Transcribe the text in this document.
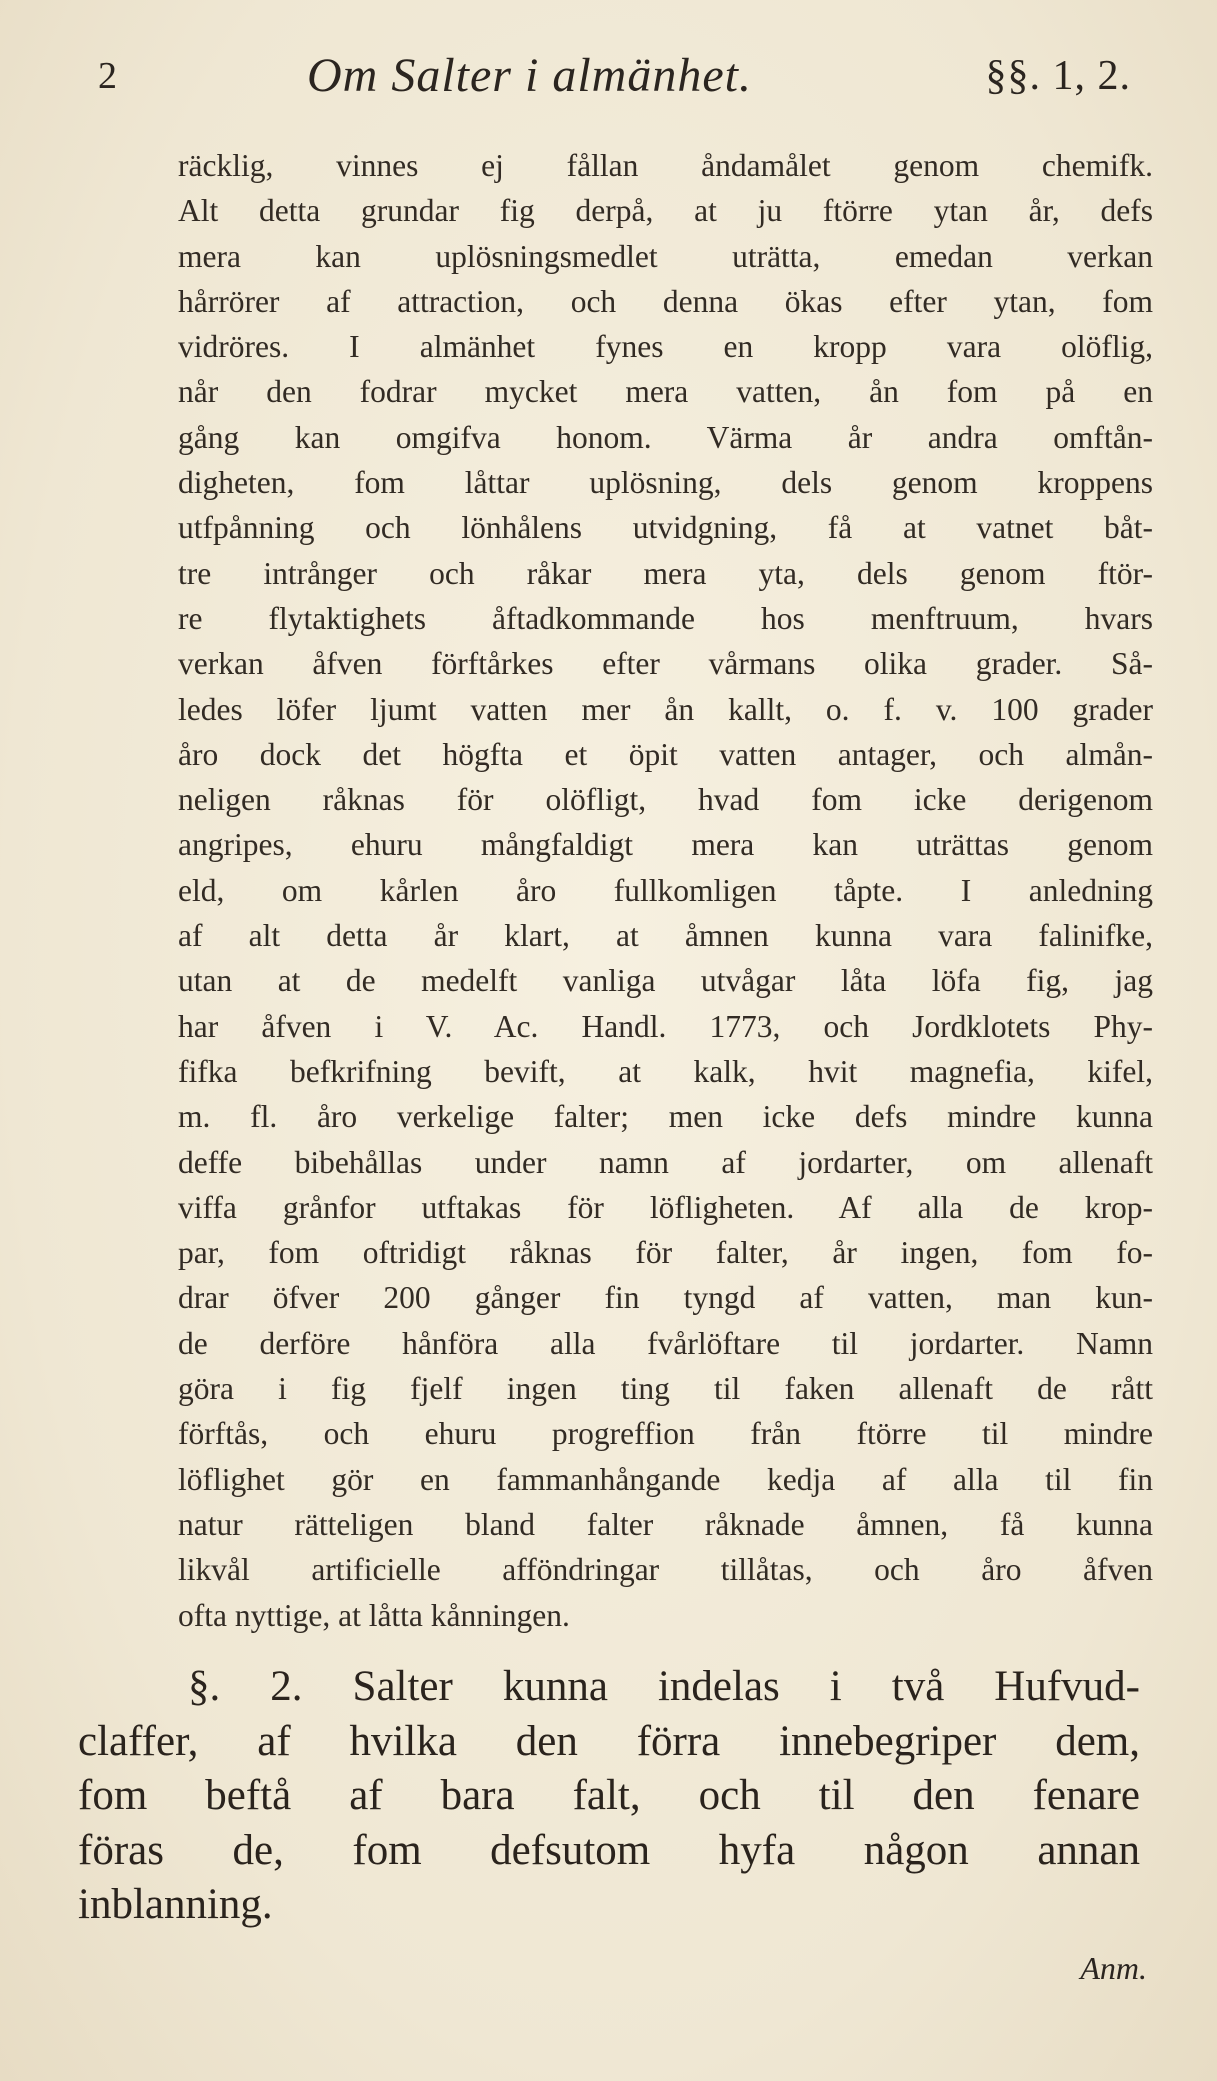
2	Om Salter i almänhet.	§§. 1, 2.
räcklig, vinnes ej fållan åndamålet genom chemifk.
Alt detta grundar fig derpå, at ju ftörre ytan år, defs
mera kan uplösningsmedlet uträtta, emedan verkan
hårrörer af attraction, och denna ökas efter ytan, fom
vidröres. I almänhet fynes en kropp vara olöflig,
når den fodrar mycket mera vatten, ån fom på en
gång kan omgifva honom. Värma år andra omftån-
digheten, fom låttar uplösning, dels genom kroppens
utfpånning och lönhålens utvidgning, få at vatnet båt-
tre intrånger och råkar mera yta, dels genom ftör-
re flytaktighets åftadkommande hos menftruum, hvars
verkan åfven förftårkes efter vårmans olika grader. Så-
ledes löfer ljumt vatten mer ån kallt, o. f. v. 100 grader
åro dock det högfta et öpit vatten antager, och almån-
neligen råknas för olöfligt, hvad fom icke derigenom
angripes, ehuru mångfaldigt mera kan uträttas genom
eld, om kårlen åro fullkomligen tåpte. I anledning
af alt detta år klart, at åmnen kunna vara falinifke,
utan at de medelft vanliga utvågar låta löfa fig, jag
har åfven i V. Ac. Handl. 1773, och Jordklotets Phy-
fifka befkrifning bevift, at kalk, hvit magnefia, kifel,
m. fl. åro verkelige falter; men icke defs mindre kunna
deffe bibehållas under namn af jordarter, om allenaft
viffa grånfor utftakas för löfligheten. Af alla de krop-
par, fom oftridigt råknas för falter, år ingen, fom fo-
drar öfver 200 gånger fin tyngd af vatten, man kun-
de derföre hånföra alla fvårlöftare til jordarter. Namn
göra i fig fjelf ingen ting til faken allenaft de rått
förftås, och ehuru progreffion från ftörre til mindre
löflighet gör en fammanhångande kedja af alla til fin
natur rätteligen bland falter råknade åmnen, få kunna
likvål artificielle afföndringar tillåtas, och åro åfven
ofta nyttige, at låtta kånningen.
§. 2. Salter kunna indelas i två Hufvud-
claffer, af hvilka den förra innebegriper dem,
fom beftå af bara falt, och til den fenare
föras de, fom defsutom hyfa någon annan
inblanning.
Anm.
